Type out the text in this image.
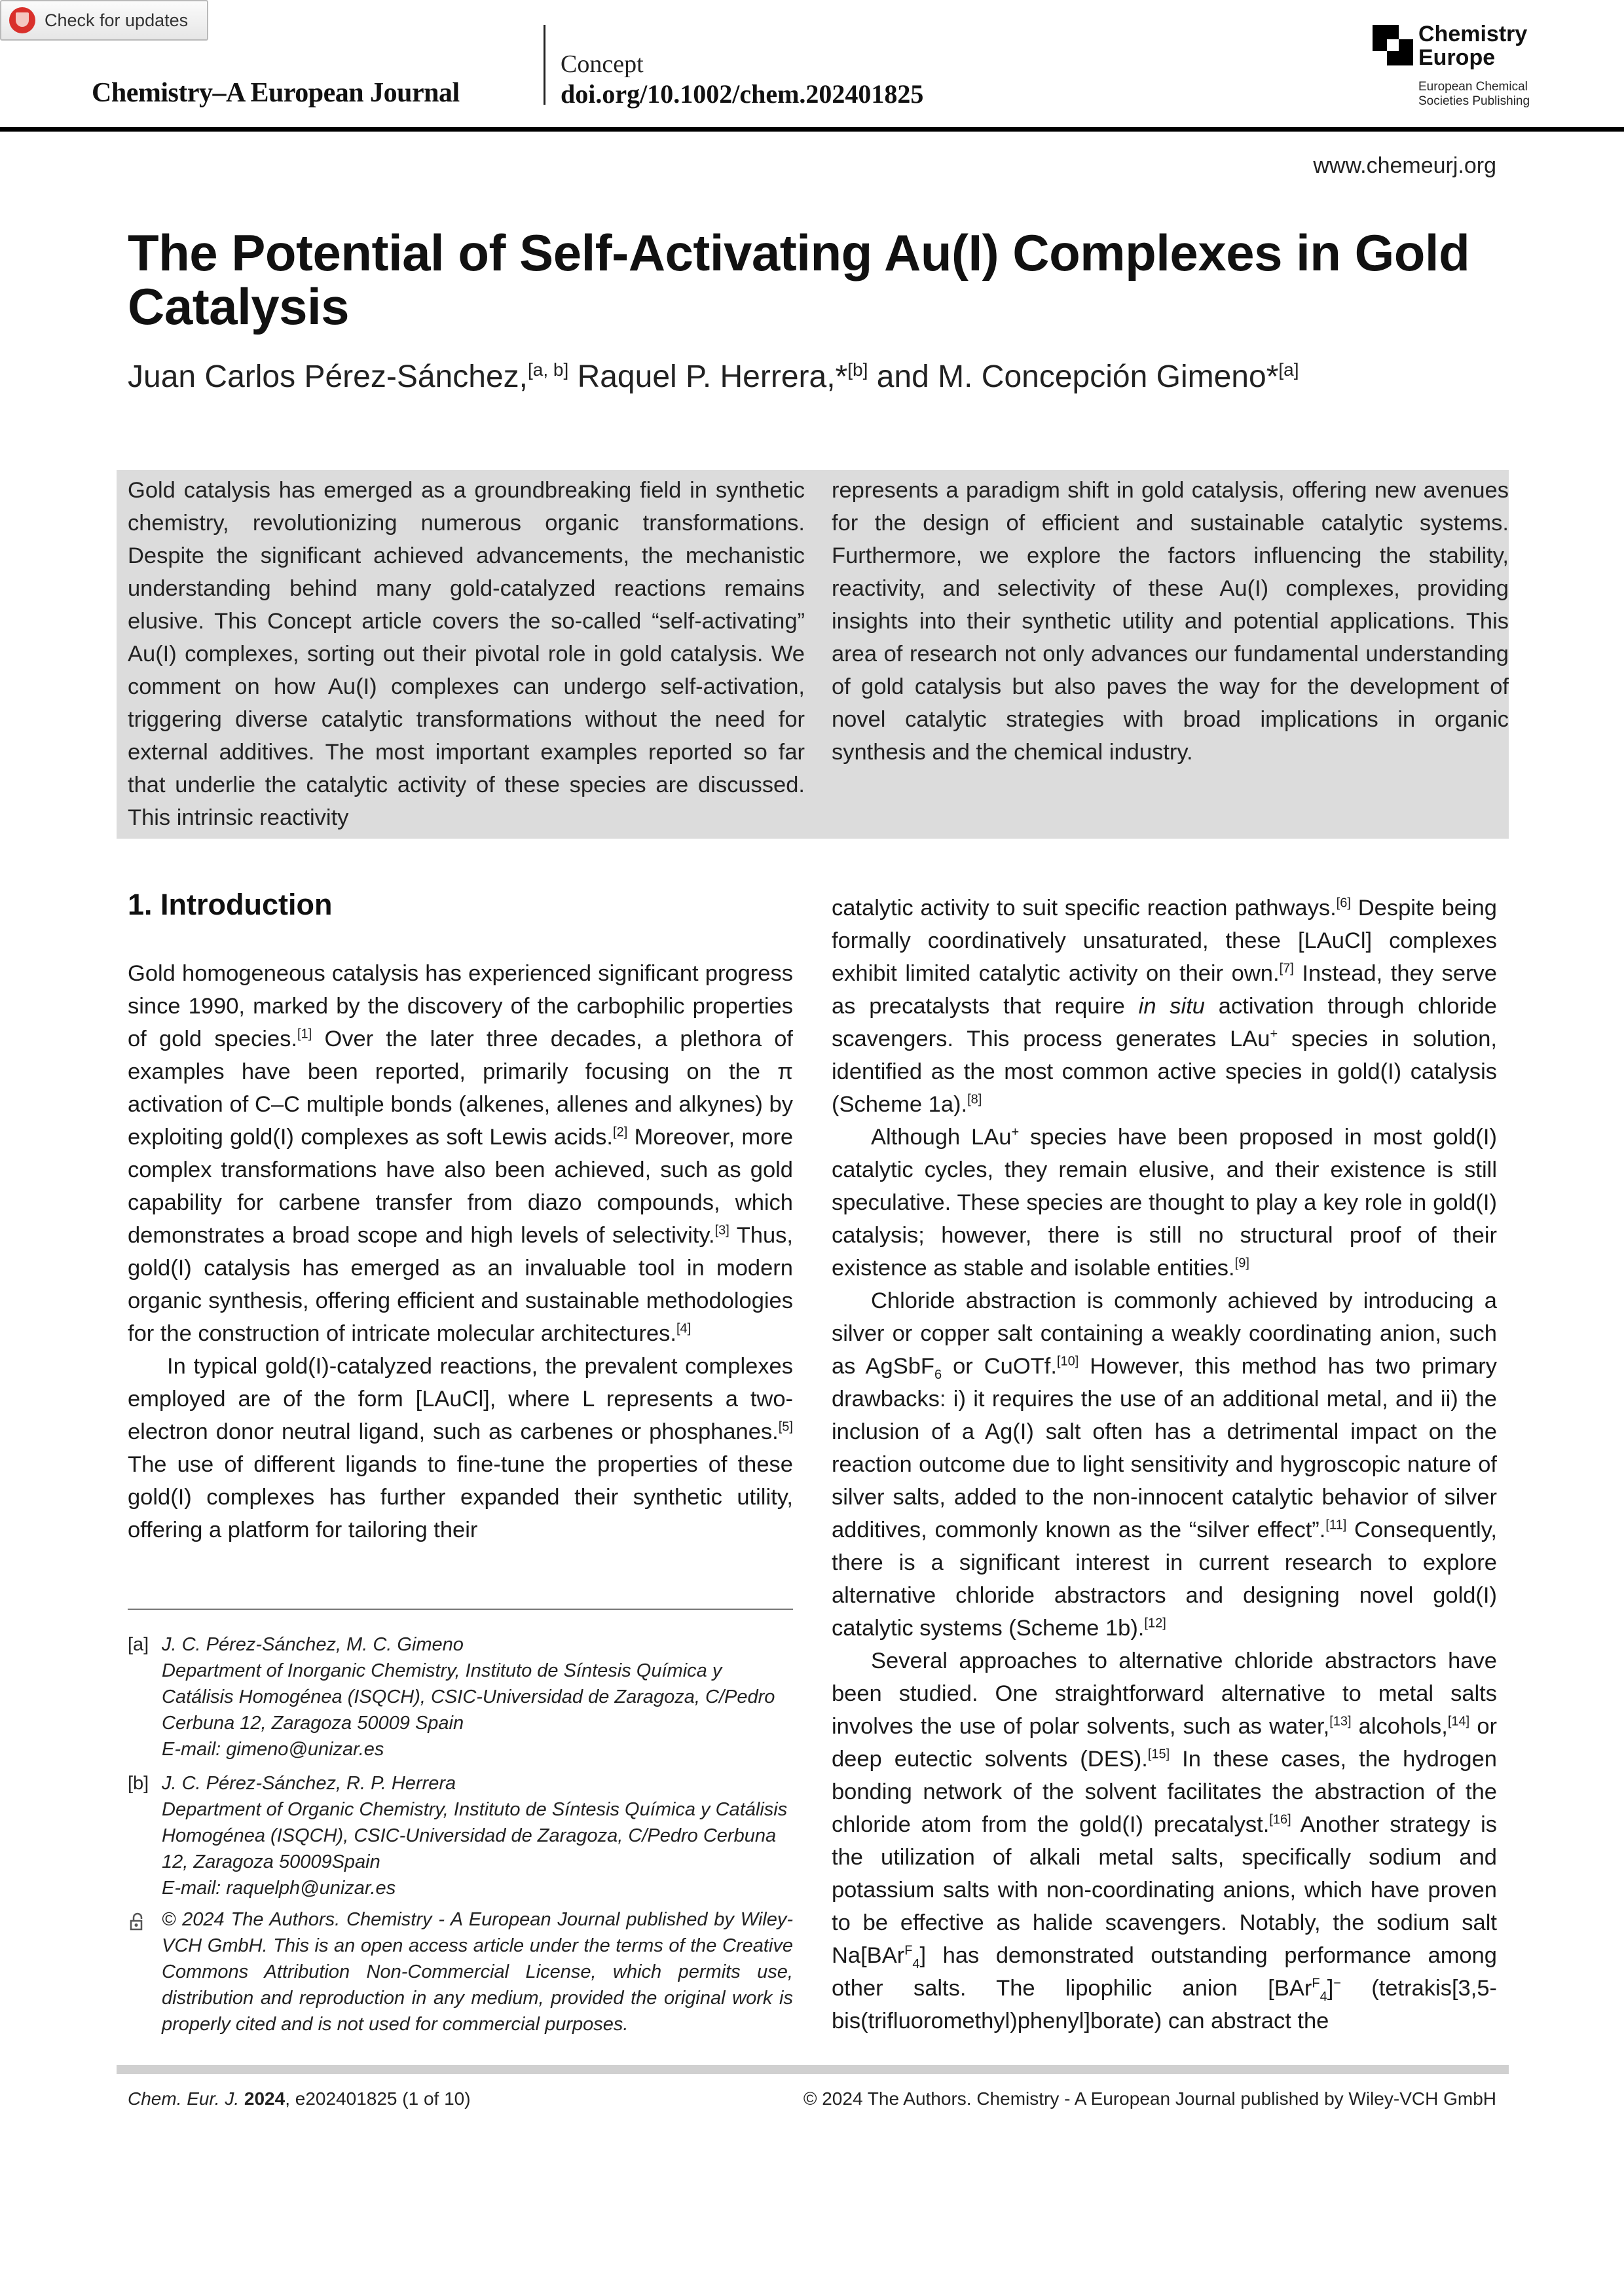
Check for updates
Chemistry–A European Journal
Concept
doi.org/10.1002/chem.202401825
Chemistry
Europe
European Chemical
Societies Publishing
www.chemeurj.org
The Potential of Self-Activating Au(I) Complexes in Gold Catalysis
Juan Carlos Pérez-Sánchez,[a, b] Raquel P. Herrera,*[b] and M. Concepción Gimeno*[a]
Gold catalysis has emerged as a groundbreaking field in synthetic chemistry, revolutionizing numerous organic transformations. Despite the significant achieved advancements, the mechanistic understanding behind many gold-catalyzed reactions remains elusive. This Concept article covers the so-called “self-activating” Au(I) complexes, sorting out their pivotal role in gold catalysis. We comment on how Au(I) complexes can undergo self-activation, triggering diverse catalytic transformations without the need for external additives. The most important examples reported so far that underlie the catalytic activity of these species are discussed. This intrinsic reactivity
represents a paradigm shift in gold catalysis, offering new avenues for the design of efficient and sustainable catalytic systems. Furthermore, we explore the factors influencing the stability, reactivity, and selectivity of these Au(I) complexes, providing insights into their synthetic utility and potential applications. This area of research not only advances our fundamental understanding of gold catalysis but also paves the way for the development of novel catalytic strategies with broad implications in organic synthesis and the chemical industry.
1. Introduction

Gold homogeneous catalysis has experienced significant progress since 1990, marked by the discovery of the carbophilic properties of gold species.[1] Over the later three decades, a plethora of examples have been reported, primarily focusing on the π activation of C–C multiple bonds (alkenes, allenes and alkynes) by exploiting gold(I) complexes as soft Lewis acids.[2] Moreover, more complex transformations have also been achieved, such as gold capability for carbene transfer from diazo compounds, which demonstrates a broad scope and high levels of selectivity.[3] Thus, gold(I) catalysis has emerged as an invaluable tool in modern organic synthesis, offering efficient and sustainable methodologies for the construction of intricate molecular architectures.[4]

In typical gold(I)-catalyzed reactions, the prevalent complexes employed are of the form [LAuCl], where L represents a two-electron donor neutral ligand, such as carbenes or phosphanes.[5] The use of different ligands to fine-tune the properties of these gold(I) complexes has further expanded their synthetic utility, offering a platform for tailoring their

catalytic activity to suit specific reaction pathways.[6] Despite being formally coordinatively unsaturated, these [LAuCl] complexes exhibit limited catalytic activity on their own.[7] Instead, they serve as precatalysts that require in situ activation through chloride scavengers. This process generates LAu+ species in solution, identified as the most common active species in gold(I) catalysis (Scheme 1a).[8]

Although LAu+ species have been proposed in most gold(I) catalytic cycles, they remain elusive, and their existence is still speculative. These species are thought to play a key role in gold(I) catalysis; however, there is still no structural proof of their existence as stable and isolable entities.[9]

Chloride abstraction is commonly achieved by introducing a silver or copper salt containing a weakly coordinating anion, such as AgSbF$_6$ or CuOTf.[10] However, this method has two primary drawbacks: i) it requires the use of an additional metal, and ii) the inclusion of a Ag(I) salt often has a detrimental impact on the reaction outcome due to light sensitivity and hygroscopic nature of silver salts, added to the non-innocent catalytic behavior of silver additives, commonly known as the “silver effect”.[11] Consequently, there is a significant interest in current research to explore alternative chloride abstractors and designing novel gold(I) catalytic systems (Scheme 1b).[12]

Several approaches to alternative chloride abstractors have been studied. One straightforward alternative to metal salts involves the use of polar solvents, such as water,[13] alcohols,[14] or deep eutectic solvents (DES).[15] In these cases, the hydrogen bonding network of the solvent facilitates the abstraction of the chloride atom from the gold(I) precatalyst.[16] Another strategy is the utilization of alkali metal salts, specifically sodium and potassium salts with non-coordinating anions, which have proven to be effective as halide scavengers. Notably, the sodium salt Na[BAr$^F_4$] has demonstrated outstanding performance among other salts. The lipophilic anion [BAr$^F_4$]− (tetrakis[3,5-bis(trifluoromethyl)phenyl]borate) can abstract the

[a] J. C. Pérez-Sánchez, M. C. Gimeno
Department of Inorganic Chemistry, Instituto de Síntesis Química y Catálisis Homogénea (ISQCH), CSIC-Universidad de Zaragoza, C/Pedro Cerbuna 12, Zaragoza 50009 Spain
E-mail: gimeno@unizar.es
[b] J. C. Pérez-Sánchez, R. P. Herrera
Department of Organic Chemistry, Instituto de Síntesis Química y Catálisis Homogénea (ISQCH), CSIC-Universidad de Zaragoza, C/Pedro Cerbuna 12, Zaragoza 50009Spain
E-mail: raquelph@unizar.es
© 2024 The Authors. Chemistry - A European Journal published by Wiley-VCH GmbH. This is an open access article under the terms of the Creative Commons Attribution Non-Commercial License, which permits use, distribution and reproduction in any medium, provided the original work is properly cited and is not used for commercial purposes.
Chem. Eur. J. 2024, e202401825 (1 of 10)	© 2024 The Authors. Chemistry - A European Journal published by Wiley-VCH GmbH
